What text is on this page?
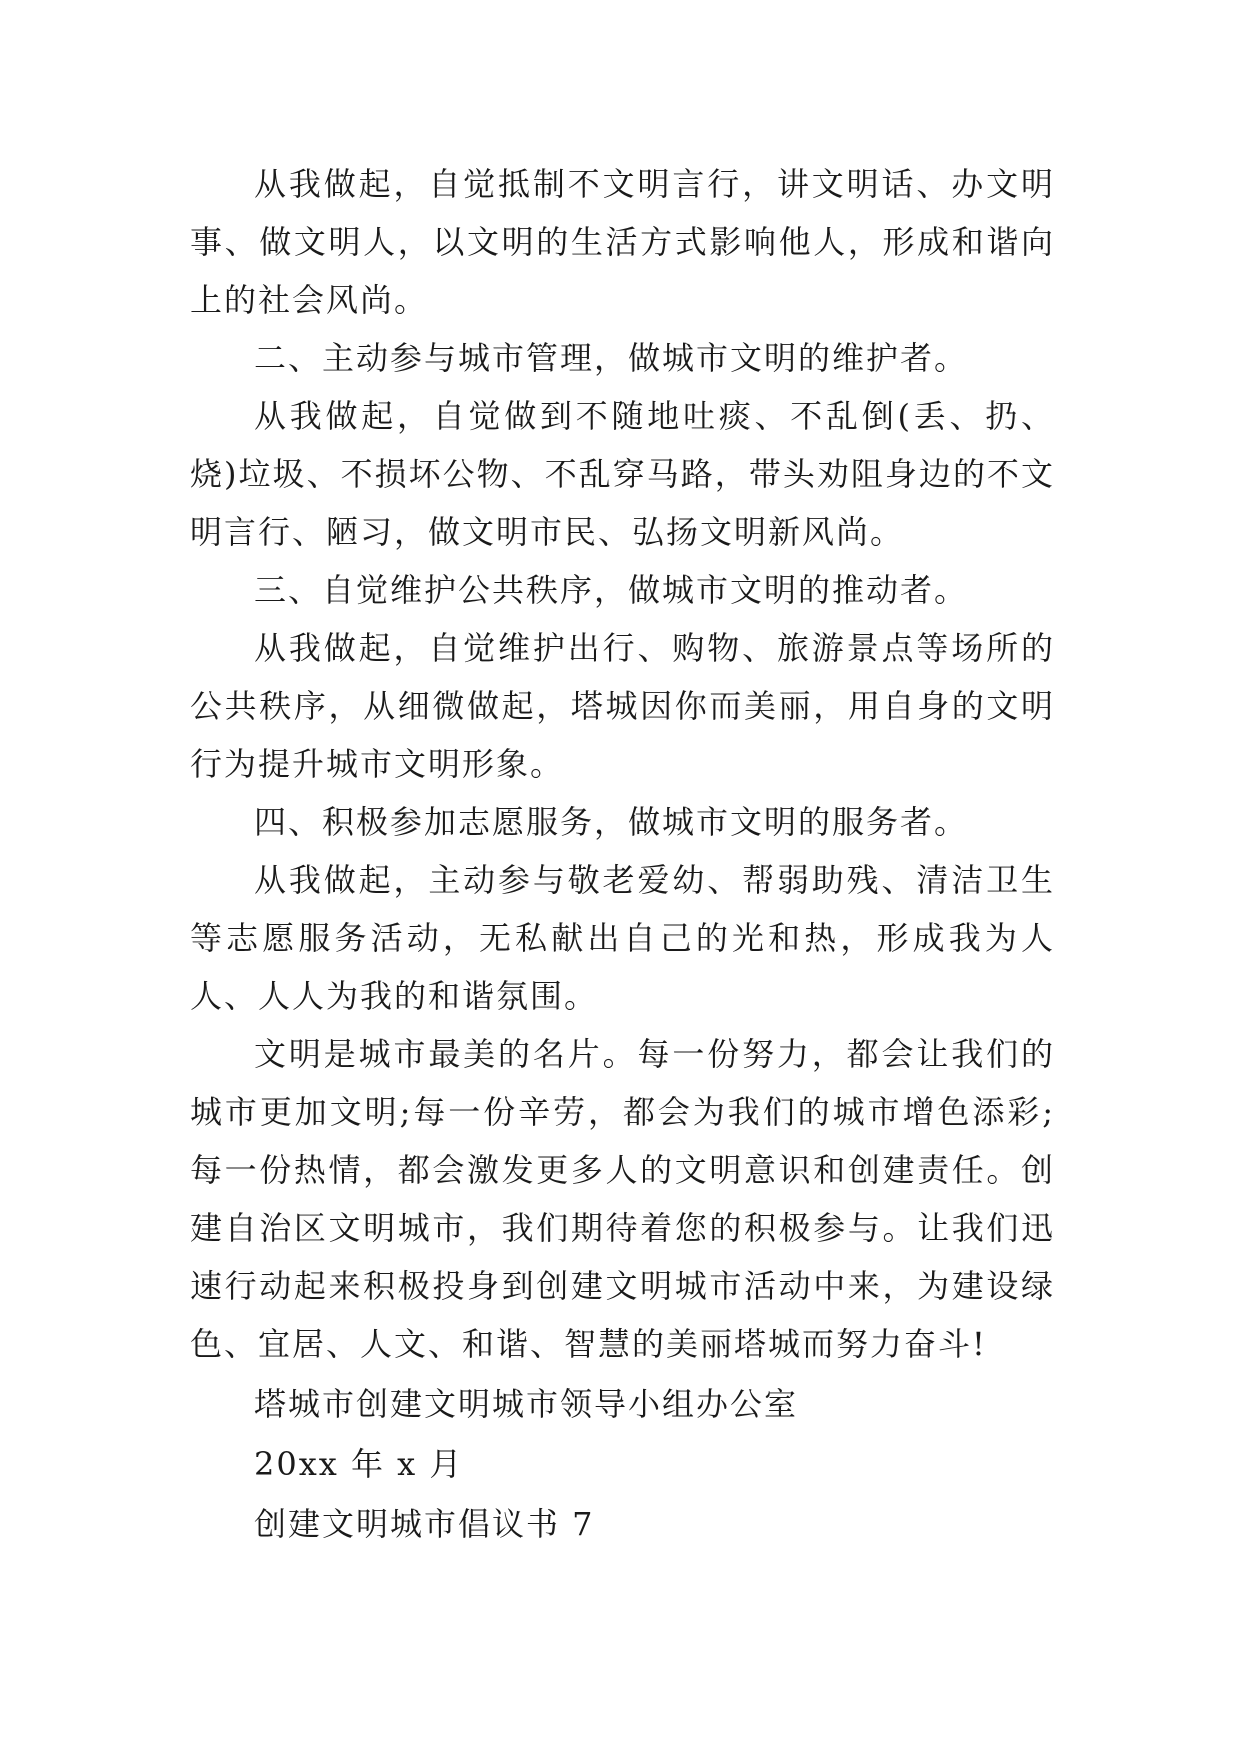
从我做起，自觉抵制不文明言行，讲文明话、办文明事、做文明人，以文明的生活方式影响他人，形成和谐向上的社会风尚。

二、主动参与城市管理，做城市文明的维护者。

从我做起，自觉做到不随地吐痰、不乱倒(丢、扔、烧)垃圾、不损坏公物、不乱穿马路，带头劝阻身边的不文明言行、陋习，做文明市民、弘扬文明新风尚。

三、自觉维护公共秩序，做城市文明的推动者。

从我做起，自觉维护出行、购物、旅游景点等场所的公共秩序，从细微做起，塔城因你而美丽，用自身的文明行为提升城市文明形象。

四、积极参加志愿服务，做城市文明的服务者。

从我做起，主动参与敬老爱幼、帮弱助残、清洁卫生等志愿服务活动，无私献出自己的光和热，形成我为人人、人人为我的和谐氛围。

文明是城市最美的名片。每一份努力，都会让我们的城市更加文明;每一份辛劳，都会为我们的城市增色添彩;每一份热情，都会激发更多人的文明意识和创建责任。创建自治区文明城市，我们期待着您的积极参与。让我们迅速行动起来积极投身到创建文明城市活动中来，为建设绿色、宜居、人文、和谐、智慧的美丽塔城而努力奋斗!

塔城市创建文明城市领导小组办公室

20xx 年 x 月

创建文明城市倡议书 7
